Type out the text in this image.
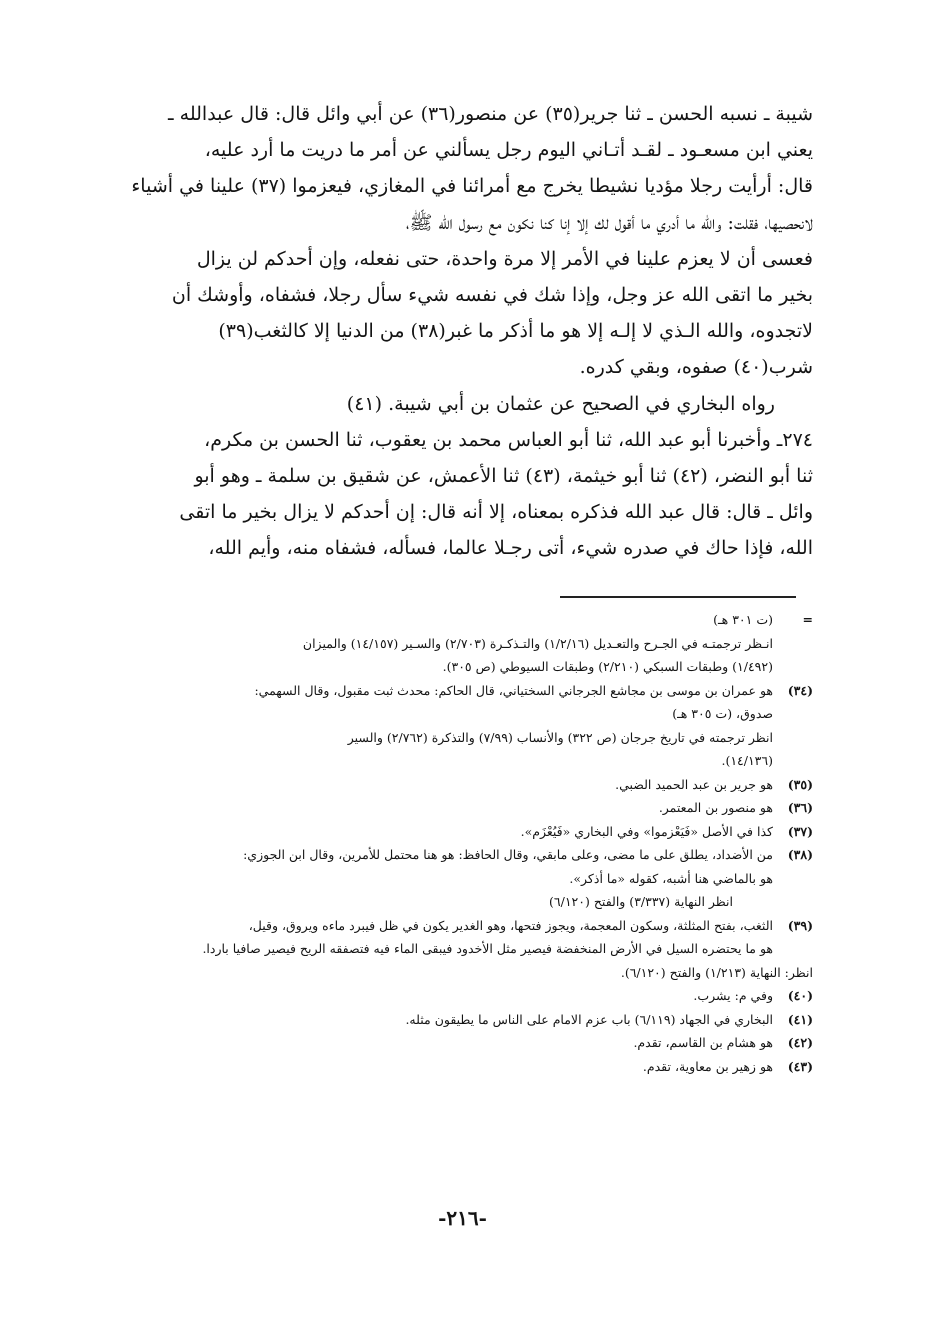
شيبة ـ نسبه الحسن ـ ثنا جرير(٣٥) عن منصور(٣٦) عن أبي وائل قال: قال عبدالله ـ
يعني ابن مسعـود ـ لقـد أتـاني اليوم رجل يسألني عن أمر ما دريت ما أرد عليه،
قال: أرأيت رجلا مؤديا نشيطا يخرج مع أمرائنا في المغازي، فيعزموا (٣٧) علينا في أشياء
لانحصيها، فقلت: والله ما أدري ما أقول لك إلا إنا كنا نكون مع رسول الله ﷺ،
فعسى أن لا يعزم علينا في الأمر إلا مرة واحدة، حتى نفعله، وإن أحدكم لن يزال
بخير ما اتقى الله عز وجل، وإذا شك في نفسه شيء سأل رجلا، فشفاه، وأوشك أن
لاتجدوه، والله الـذي لا إلـه إلا هو ما أذكر ما غبر(٣٨) من الدنيا إلا كالثغب(٣٩)
شرب(٤٠) صفوه، وبقي كدره.
رواه البخاري في الصحيح عن عثمان بن أبي شيبة. (٤١)
٢٧٤ـ وأخبرنا أبو عبد الله، ثنا أبو العباس محمد بن يعقوب، ثنا الحسن بن مكرم،
ثنا أبو النضر، (٤٢) ثنا أبو خيثمة، (٤٣) ثنا الأعمش، عن شقيق بن سلمة ـ وهو أبو
وائل ـ قال: قال عبد الله فذكره بمعناه، إلا أنه قال: إن أحدكم لا يزال بخير ما اتقى
الله، فإذا حاك في صدره شيء، أتى رجـلا عالما، فسأله، فشفاه منه، وأيم الله،
=
(ت ٣٠١ هـ)
انـظر ترجمتـه في الجـرح والتعـديل (١/٢/١٦) والتـذكـرة (٢/٧٠٣) والسـير (١٤/١٥٧) والميزان
(١/٤٩٢) وطبقات السبكي (٢/٢١٠) وطبقات السيوطي (ص ٣٠٥).
(٣٤)
هو عمران بن موسى بن مجاشع الجرجاني السختياني، قال الحاكم: محدث ثبت مقبول، وقال السهمي:
صدوق، (ت ٣٠٥ هـ)
انظر ترجمته في تاريخ جرجان (ص ٣٢٢) والأنساب (٧/٩٩) والتذكرة (٢/٧٦٢) والسير
(١٤/١٣٦).
(٣٥)
هو جرير بن عبد الحميد الضبي.
(٣٦)
هو منصور بن المعتمر.
(٣٧)
كذا في الأصل «فَيَعْزموا» وفي البخاري «فَيُعْزَم».
(٣٨)
من الأضداد، يطلق على ما مضى، وعلى مابقي، وقال الحافظ: هو هنا محتمل للأمرين، وقال ابن الجوزي:
هو بالماضي هنا أشبه، كقوله «ما أذكر».
انظر النهاية (٣/٣٣٧) والفتح (٦/١٢٠)
(٣٩)
الثغب، بفتح المثلثة، وسكون المعجمة، ويجوز فتحها، وهو الغدير يكون في ظل فيبرد ماءه ويروق، وقيل،
هو ما يحتضره السيل في الأرض المنخفضة فيصير مثل الأخدود فيبقى الماء فيه فتصفقه الريح فيصير صافيا باردا.
انظر: النهاية (١/٢١٣) والفتح (٦/١٢٠).
(٤٠)
وفي م: يشرب.
(٤١)
البخاري في الجهاد (٦/١١٩) باب عزم الامام على الناس ما يطيقون مثله.
(٤٢)
هو هشام بن القاسم، تقدم.
(٤٣)
هو زهير بن معاوية، تقدم.
-٢١٦-
